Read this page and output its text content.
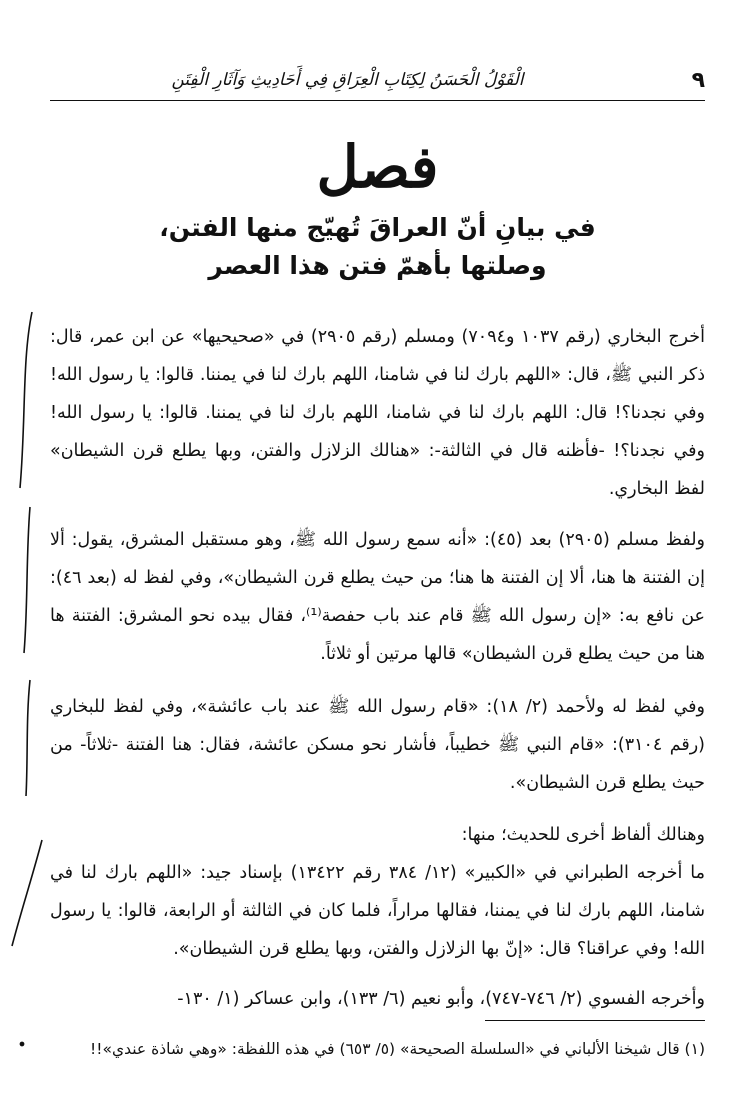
٩
الْقَوْلُ الْحَسَنُ لِكِتَابِ الْعِرَاقِ فِي أَحَادِيثِ وَآثَارِ الْفِتَنِ
فصل
في بيانِ أنّ العراقَ تُهيّج منها الفتن،
وصلتها بأهمّ فتن هذا العصر

أخرج البخاري (رقم ١٠٣٧ و٧٠٩٤) ومسلم (رقم ٢٩٠٥) في «صحيحيها» عن ابن عمر، قال: ذكر النبي ﷺ، قال: «اللهم بارك لنا في شامنا، اللهم بارك لنا في يمننا. قالوا: يا رسول الله! وفي نجدنا؟! قال: اللهم بارك لنا في شامنا، اللهم بارك لنا في يمننا. قالوا: يا رسول الله! وفي نجدنا؟! -فأظنه قال في الثالثة-: «هنالك الزلازل والفتن، وبها يطلع قرن الشيطان» لفظ البخاري.

ولفظ مسلم (٢٩٠٥) بعد (٤٥): «أنه سمع رسول الله ﷺ، وهو مستقبل المشرق، يقول: ألا إن الفتنة ها هنا، ألا إن الفتنة ها هنا؛ من حيث يطلع قرن الشيطان»، وفي لفظ له (بعد ٤٦): عن نافع به: «إن رسول الله ﷺ قام عند باب حفصة⁽¹⁾، فقال بيده نحو المشرق: الفتنة ها هنا من حيث يطلع قرن الشيطان» قالها مرتين أو ثلاثاً.

وفي لفظ له ولأحمد (٢/ ١٨): «قام رسول الله ﷺ عند باب عائشة»، وفي لفظ للبخاري (رقم ٣١٠٤): «قام النبي ﷺ خطيباً، فأشار نحو مسكن عائشة، فقال: هنا الفتنة -ثلاثاً- من حيث يطلع قرن الشيطان».

وهنالك ألفاظ أخرى للحديث؛ منها:

ما أخرجه الطبراني في «الكبير» (١٢/ ٣٨٤ رقم ١٣٤٢٢) بإسناد جيد: «اللهم بارك لنا في شامنا، اللهم بارك لنا في يمننا، فقالها مراراً، فلما كان في الثالثة أو الرابعة، قالوا: يا رسول الله! وفي عراقنا؟ قال: «إنّ بها الزلازل والفتن، وبها يطلع قرن الشيطان».

وأخرجه الفسوي (٢/ ٧٤٦-٧٤٧)، وأبو نعيم (٦/ ١٣٣)، وابن عساكر (١/ ١٣٠-

(١) قال شيخنا الألباني في «السلسلة الصحيحة» (٥/ ٦٥٣) في هذه اللفظة: «وهي شاذة عندي»!!
